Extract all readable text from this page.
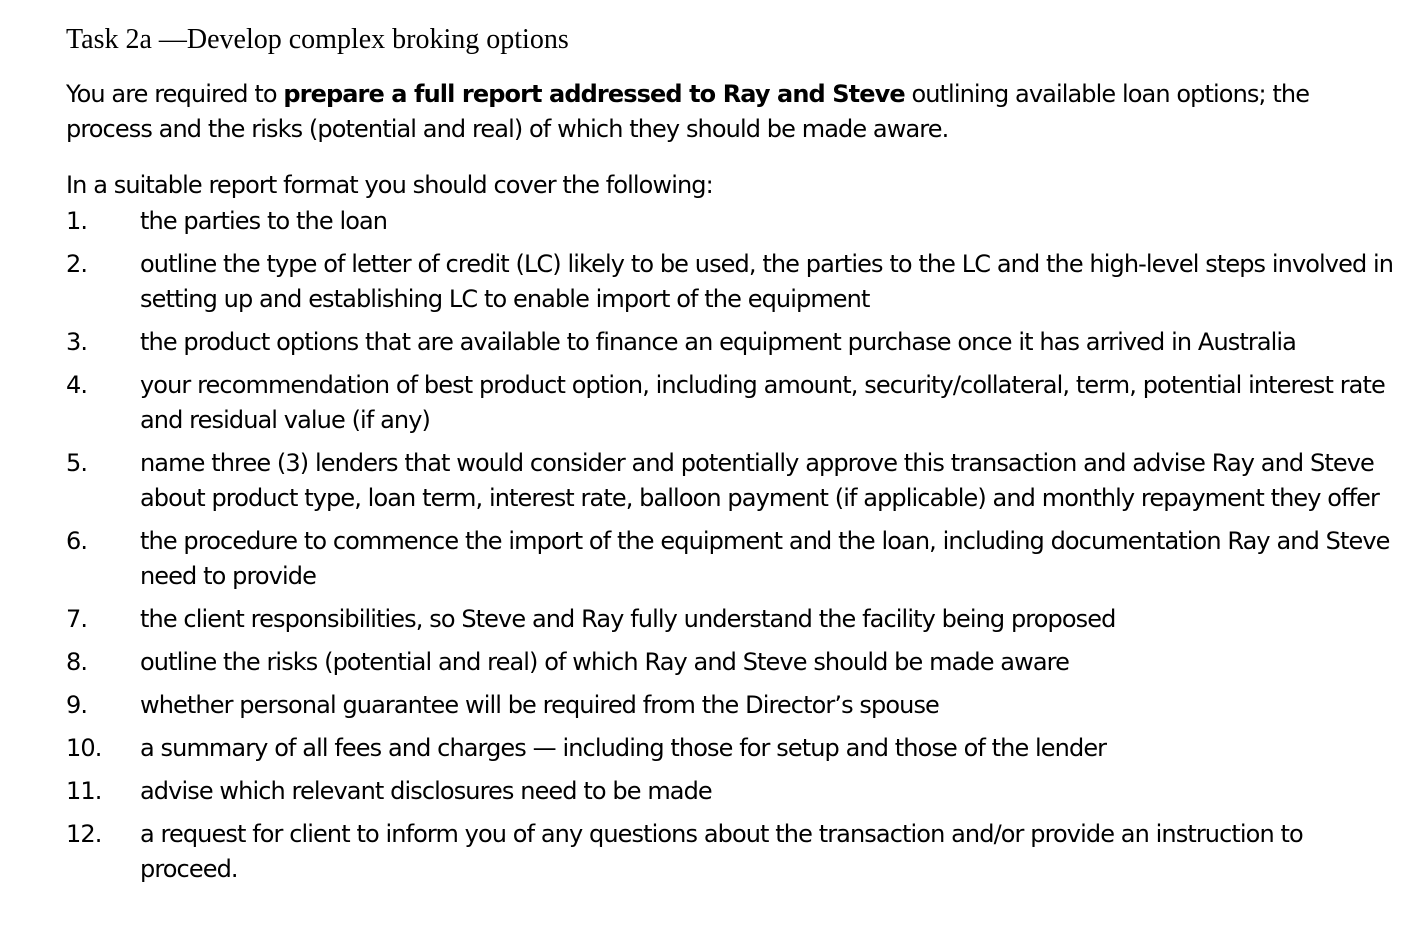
Task 2a —Develop complex broking options

You are required to prepare a full report addressed to Ray and Steve outlining available loan options; the process and the risks (potential and real) of which they should be made aware.

In a suitable report format you should cover the following:

1.	the parties to the loan
2.	outline the type of letter of credit (LC) likely to be used, the parties to the LC and the high-level steps involved in setting up and establishing LC to enable import of the equipment
3.	the product options that are available to finance an equipment purchase once it has arrived in Australia
4.	your recommendation of best product option, including amount, security/collateral, term, potential interest rate and residual value (if any)
5.	name three (3) lenders that would consider and potentially approve this transaction and advise Ray and Steve about product type, loan term, interest rate, balloon payment (if applicable) and monthly repayment they offer
6.	the procedure to commence the import of the equipment and the loan, including documentation Ray and Steve need to provide
7.	the client responsibilities, so Steve and Ray fully understand the facility being proposed
8.	outline the risks (potential and real) of which Ray and Steve should be made aware
9.	whether personal guarantee will be required from the Director’s spouse
10.	a summary of all fees and charges — including those for setup and those of the lender
11.	advise which relevant disclosures need to be made
12.	a request for client to inform you of any questions about the transaction and/or provide an instruction to proceed.
